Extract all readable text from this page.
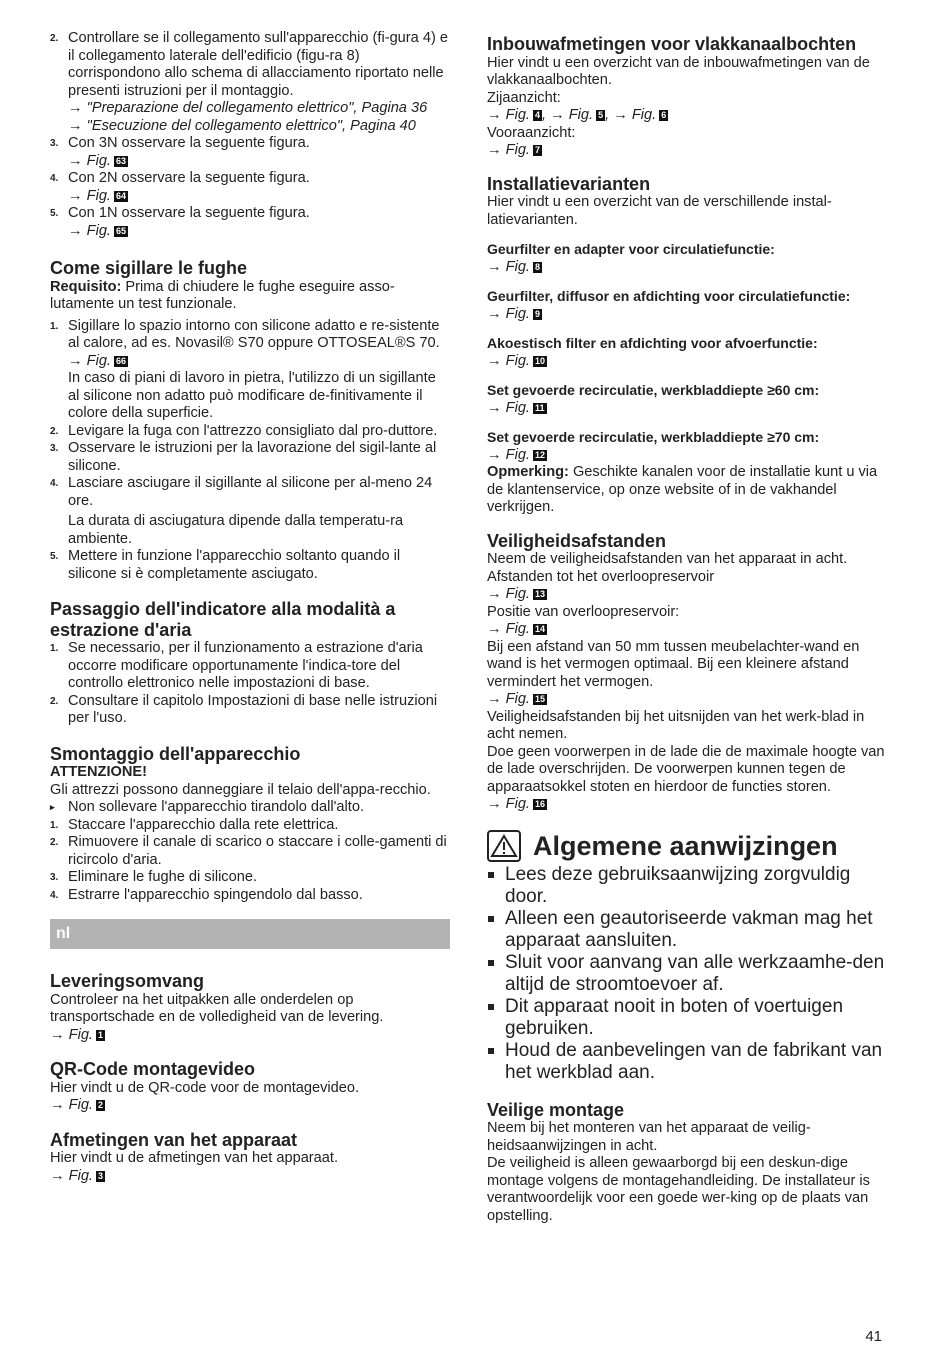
2. Controllare se il collegamento sull'apparecchio (fi-gura 4) e il collegamento laterale dell'edificio (figu-ra 8) corrispondono allo schema di allacciamento riportato nelle presenti istruzioni per il montaggio.

→ "Preparazione del collegamento elettrico", Pagina 36

→ "Esecuzione del collegamento elettrico", Pagina 40

3. Con 3N osservare la seguente figura.

→ Fig. 63

4. Con 2N osservare la seguente figura.

→ Fig. 64

5. Con 1N osservare la seguente figura.

→ Fig. 65

Come sigillare le fughe

Requisito: Prima di chiudere le fughe eseguire asso-lutamente un test funzionale.

1. Sigillare lo spazio intorno con silicone adatto e re-sistente al calore, ad es. Novasil® S70 oppure OTTOSEAL®S 70.

→ Fig. 66

In caso di piani di lavoro in pietra, l'utilizzo di un sigillante al silicone non adatto può modificare de-finitivamente il colore della superficie.

2. Levigare la fuga con l'attrezzo consigliato dal pro-duttore.

3. Osservare le istruzioni per la lavorazione del sigil-lante al silicone.

4. Lasciare asciugare il sigillante al silicone per al-meno 24 ore.

La durata di asciugatura dipende dalla temperatu-ra ambiente.

5. Mettere in funzione l'apparecchio soltanto quando il silicone si è completamente asciugato.

Passaggio dell'indicatore alla modalità a estrazione d'aria
1. Se necessario, per il funzionamento a estrazione d'aria occorre modificare opportunamente l'indica-tore del controllo elettronico nelle impostazioni di base.

2. Consultare il capitolo Impostazioni di base nelle istruzioni per l'uso.

Smontaggio dell'apparecchio

ATTENZIONE!

Gli attrezzi possono danneggiare il telaio dell'appa-recchio.

▸ Non sollevare l'apparecchio tirandolo dall'alto.

1. Staccare l'apparecchio dalla rete elettrica.

2. Rimuovere il canale di scarico o staccare i colle-gamenti di ricircolo d'aria.

3. Eliminare le fughe di silicone.

4. Estrarre l'apparecchio spingendolo dal basso.

nl
Leveringsomvang

Controleer na het uitpakken alle onderdelen op transportschade en de volledigheid van de levering.

→ Fig. 1

QR-Code montagevideo

Hier vindt u de QR-code voor de montagevideo.

→ Fig. 2

Afmetingen van het apparaat

Hier vindt u de afmetingen van het apparaat.

→ Fig. 3

Inbouwafmetingen voor vlakkanaalbochten

Hier vindt u een overzicht van de inbouwafmetingen van de vlakkanaalbochten.

Zijaanzicht:

→ Fig. 4 , → Fig. 5 , → Fig. 6

Vooraanzicht:

→ Fig. 7

Installatievarianten

Hier vindt u een overzicht van de verschillende instal-latievarianten.

Geurfilter en adapter voor circulatiefunctie:

→ Fig. 8

Geurfilter, diffusor en afdichting voor circulatiefunctie:

→ Fig. 9

Akoestisch filter en afdichting voor afvoerfunctie:

→ Fig. 10

Set gevoerde recirculatie, werkbladdiepte ≥60 cm:

→ Fig. 11

Set gevoerde recirculatie, werkbladdiepte ≥70 cm:

→ Fig. 12

Opmerking: Geschikte kanalen voor de installatie kunt u via de klantenservice, op onze website of in de vakhandel verkrijgen.

Veiligheidsafstanden

Neem de veiligheidsafstanden van het apparaat in acht.

Afstanden tot het overloopreservoir

→ Fig. 13

Positie van overloopreservoir:

→ Fig. 14

Bij een afstand van 50 mm tussen meubelachter-wand en wand is het vermogen optimaal. Bij een kleinere afstand vermindert het vermogen.

→ Fig. 15

Veiligheidsafstanden bij het uitsnijden van het werk-blad in acht nemen.

Doe geen voorwerpen in de lade die de maximale hoogte van de lade overschrijden. De voorwerpen kunnen tegen de apparaatsokkel stoten en hierdoor de functies storen.

→ Fig. 16

Algemene aanwijzingen
Lees deze gebruiksaanwijzing zorgvuldig door.
Alleen een geautoriseerde vakman mag het apparaat aansluiten.
Sluit voor aanvang van alle werkzaamhe-den altijd de stroomtoevoer af.
Dit apparaat nooit in boten of voertuigen gebruiken.
Houd de aanbevelingen van de fabrikant van het werkblad aan.
Veilige montage

Neem bij het monteren van het apparaat de veilig-heidsaanwijzingen in acht.

De veiligheid is alleen gewaarborgd bij een deskun-dige montage volgens de montagehandleiding. De installateur is verantwoordelijk voor een goede wer-king op de plaats van opstelling.

41
